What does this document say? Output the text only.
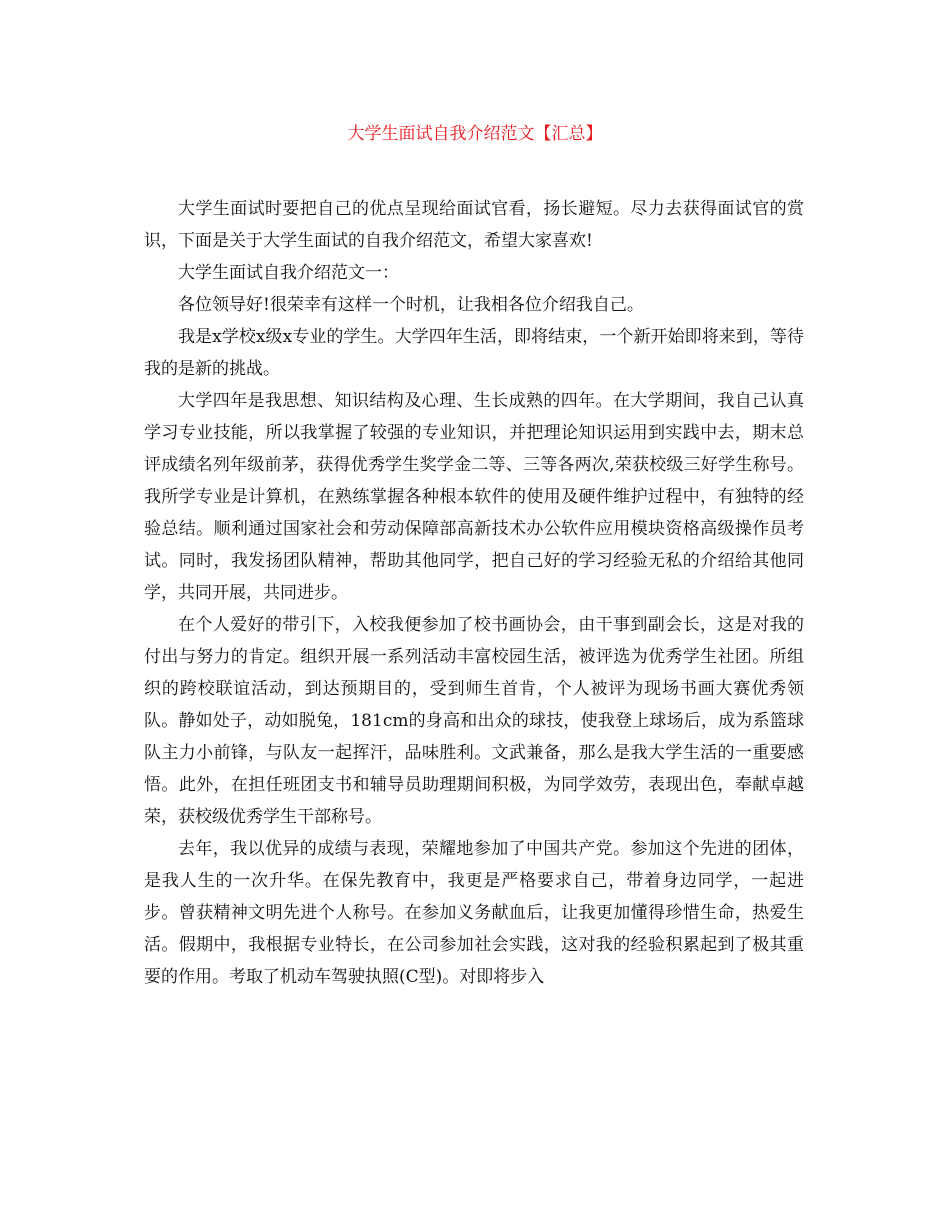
大学生面试自我介绍范文【汇总】

大学生面试时要把自己的优点呈现给面试官看，扬长避短。尽力去获得面试官的赏识，下面是关于大学生面试的自我介绍范文，希望大家喜欢!

大学生面试自我介绍范文一：

各位领导好!很荣幸有这样一个时机，让我相各位介绍我自己。

我是x学校x级x专业的学生。大学四年生活，即将结束，一个新开始即将来到，等待我的是新的挑战。

大学四年是我思想、知识结构及心理、生长成熟的四年。在大学期间，我自己认真学习专业技能，所以我掌握了较强的专业知识，并把理论知识运用到实践中去，期末总评成绩名列年级前茅，获得优秀学生奖学金二等、三等各两次,荣获校级三好学生称号。我所学专业是计算机，在熟练掌握各种根本软件的使用及硬件维护过程中，有独特的经验总结。顺利通过国家社会和劳动保障部高新技术办公软件应用模块资格高级操作员考试。同时，我发扬团队精神，帮助其他同学，把自己好的学习经验无私的介绍给其他同学，共同开展，共同进步。

在个人爱好的带引下，入校我便参加了校书画协会，由干事到副会长，这是对我的付出与努力的肯定。组织开展一系列活动丰富校园生活，被评选为优秀学生社团。所组织的跨校联谊活动，到达预期目的，受到师生首肯，个人被评为现场书画大赛优秀领队。静如处子，动如脱兔，181cm的身高和出众的球技，使我登上球场后，成为系篮球队主力小前锋，与队友一起挥汗，品味胜利。文武兼备，那么是我大学生活的一重要感悟。此外，在担任班团支书和辅导员助理期间积极，为同学效劳，表现出色，奉献卓越荣，获校级优秀学生干部称号。

去年，我以优异的成绩与表现，荣耀地参加了中国共产党。参加这个先进的团体，是我人生的一次升华。在保先教育中，我更是严格要求自己，带着身边同学，一起进步。曾获精神文明先进个人称号。在参加义务献血后，让我更加懂得珍惜生命，热爱生活。假期中，我根据专业特长，在公司参加社会实践，这对我的经验积累起到了极其重要的作用。考取了机动车驾驶执照(C型)。对即将步入
